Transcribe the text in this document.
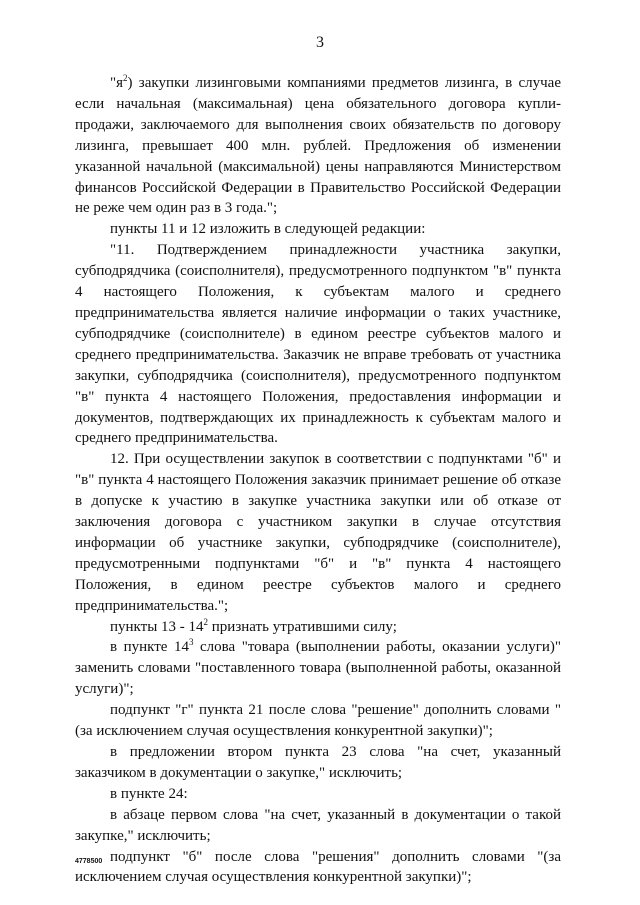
3

"$я^2$) закупки лизинговыми компаниями предметов лизинга, в случае если начальная (максимальная) цена обязательного договора купли-продажи, заключаемого для выполнения своих обязательств по договору лизинга, превышает 400 млн. рублей. Предложения об изменении указанной начальной (максимальной) цены направляются Министерством финансов Российской Федерации в Правительство Российской Федерации не реже чем один раз в 3 года.";

пункты 11 и 12 изложить в следующей редакции:

"11. Подтверждением принадлежности участника закупки, субподрядчика (соисполнителя), предусмотренного подпунктом "в" пункта 4 настоящего Положения, к субъектам малого и среднего предпринимательства является наличие информации о таких участнике, субподрядчике (соисполнителе) в едином реестре субъектов малого и среднего предпринимательства. Заказчик не вправе требовать от участника закупки, субподрядчика (соисполнителя), предусмотренного подпунктом "в" пункта 4 настоящего Положения, предоставления информации и документов, подтверждающих их принадлежность к субъектам малого и среднего предпринимательства.

12. При осуществлении закупок в соответствии с подпунктами "б" и "в" пункта 4 настоящего Положения заказчик принимает решение об отказе в допуске к участию в закупке участника закупки или об отказе от заключения договора с участником закупки в случае отсутствия информации об участнике закупки, субподрядчике (соисполнителе), предусмотренными подпунктами "б" и "в" пункта 4 настоящего Положения, в едином реестре субъектов малого и среднего предпринимательства.";

пункты $13 - 14^2$ признать утратившими силу;

в пункте $14^3$ слова "товара (выполнении работы, оказании услуги)" заменить словами "поставленного товара (выполненной работы, оказанной услуги)";

подпункт "г" пункта 21 после слова "решение" дополнить словами "(за исключением случая осуществления конкурентной закупки)";

в предложении втором пункта 23 слова "на счет, указанный заказчиком в документации о закупке," исключить;

в пункте 24:

в абзаце первом слова "на счет, указанный в документации о такой закупке," исключить;

подпункт "б" после слова "решения" дополнить словами "(за исключением случая осуществления конкурентной закупки)";

4778500
